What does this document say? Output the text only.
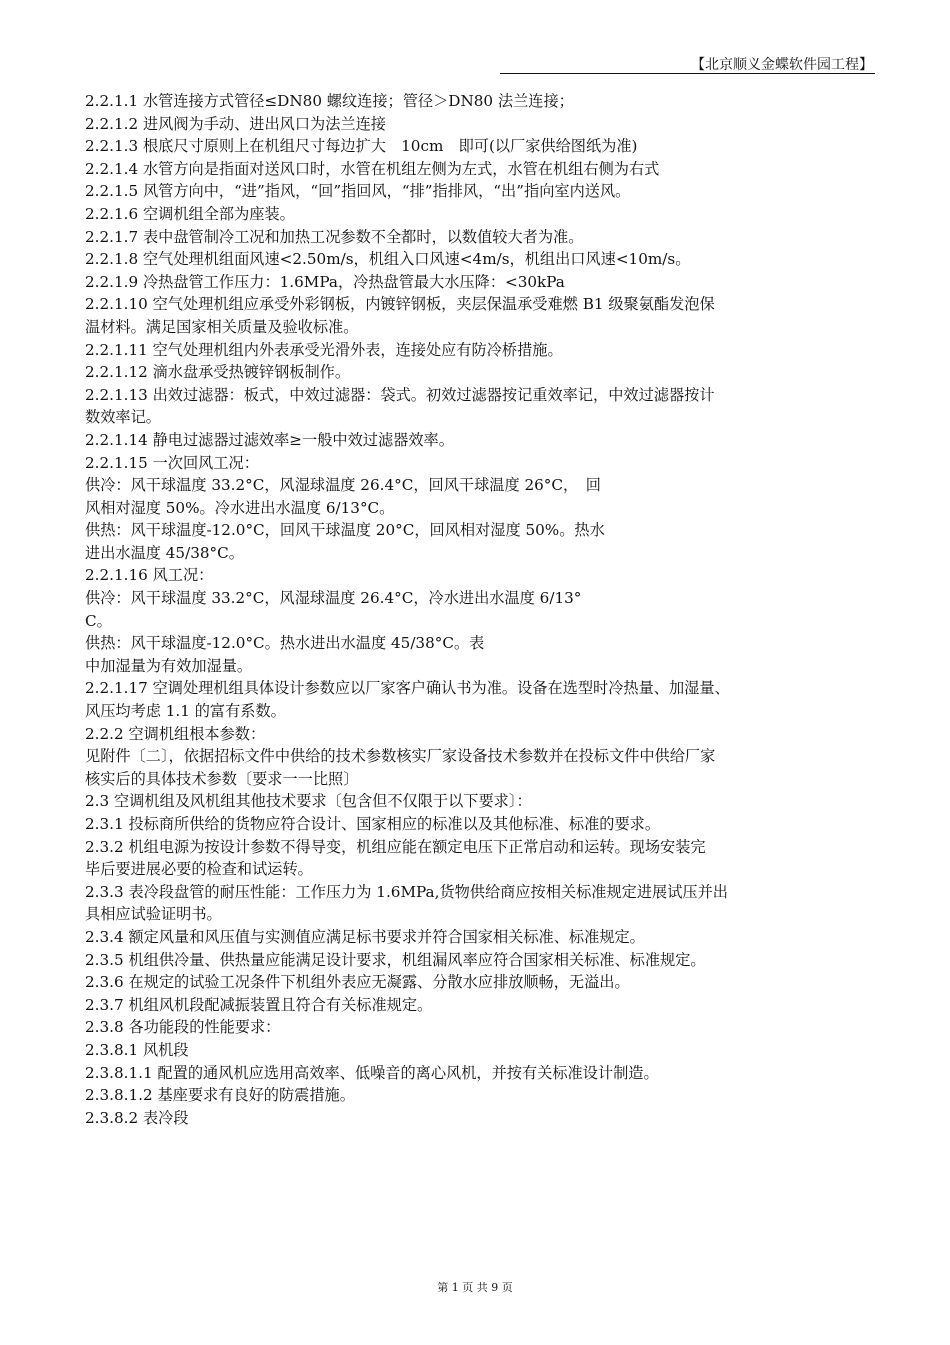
【北京顺义金蝶软件园工程】
2.2.1.1 水管连接方式管径≤DN80 螺纹连接；管径＞DN80 法兰连接；
2.2.1.2 进风阀为手动、进出风口为法兰连接
2.2.1.3 根底尺寸原则上在机组尺寸每边扩大　10cm　即可(以厂家供给图纸为准)
2.2.1.4 水管方向是指面对送风口时，水管在机组左侧为左式，水管在机组右侧为右式
2.2.1.5 风管方向中，“进”指风，“回”指回风，“排”指排风，“出”指向室内送风。
2.2.1.6 空调机组全部为座装。
2.2.1.7 表中盘管制冷工况和加热工况参数不全都时，以数值较大者为准。
2.2.1.8 空气处理机组面风速<2.50m/s，机组入口风速<4m/s，机组出口风速<10m/s。
2.2.1.9 冷热盘管工作压力：1.6MPa，冷热盘管最大水压降：<30kPa
2.2.1.10 空气处理机组应承受外彩钢板，内镀锌钢板，夹层保温承受难燃 B1 级聚氨酯发泡保
温材料。满足国家相关质量及验收标准。
2.2.1.11 空气处理机组内外表承受光滑外表，连接处应有防冷桥措施。
2.2.1.12 滴水盘承受热镀锌钢板制作。
2.2.1.13 出效过滤器：板式，中效过滤器：袋式。初效过滤器按记重效率记，中效过滤器按计
数效率记。
2.2.1.14 静电过滤器过滤效率≥一般中效过滤器效率。
2.2.1.15 一次回风工况：
供冷：风干球温度 33.2°C，风湿球温度 26.4°C，回风干球温度 26°C，　回
风相对湿度 50%。冷水进出水温度 6/13°C。
供热：风干球温度-12.0°C，回风干球温度 20°C，回风相对湿度 50%。热水
进出水温度 45/38°C。
2.2.1.16 风工况：
供冷：风干球温度 33.2°C，风湿球温度 26.4°C，冷水进出水温度 6/13°
C。
供热：风干球温度-12.0°C。热水进出水温度 45/38°C。表
中加湿量为有效加湿量。
2.2.1.17 空调处理机组具体设计参数应以厂家客户确认书为准。设备在选型时冷热量、加湿量、
风压均考虑 1.1 的富有系数。
2.2.2 空调机组根本参数：
见附件〔二〕，依据招标文件中供给的技术参数核实厂家设备技术参数并在投标文件中供给厂家
核实后的具体技术参数〔要求一一比照〕
2.3 空调机组及风机组其他技术要求〔包含但不仅限于以下要求〕：
2.3.1 投标商所供给的货物应符合设计、国家相应的标准以及其他标准、标准的要求。
2.3.2 机组电源为按设计参数不得导变，机组应能在额定电压下正常启动和运转。现场安装完
毕后要进展必要的检查和试运转。
2.3.3 表冷段盘管的耐压性能：工作压力为 1.6MPa,货物供给商应按相关标准规定进展试压并出
具相应试验证明书。
2.3.4 额定风量和风压值与实测值应满足标书要求并符合国家相关标准、标准规定。
2.3.5 机组供冷量、供热量应能满足设计要求，机组漏风率应符合国家相关标准、标准规定。
2.3.6 在规定的试验工况条件下机组外表应无凝露、分散水应排放顺畅，无溢出。
2.3.7 机组风机段配减振装置且符合有关标准规定。
2.3.8 各功能段的性能要求：
2.3.8.1 风机段
2.3.8.1.1 配置的通风机应选用高效率、低噪音的离心风机，并按有关标准设计制造。
2.3.8.1.2 基座要求有良好的防震措施。
2.3.8.2 表冷段
第 1 页 共 9 页
